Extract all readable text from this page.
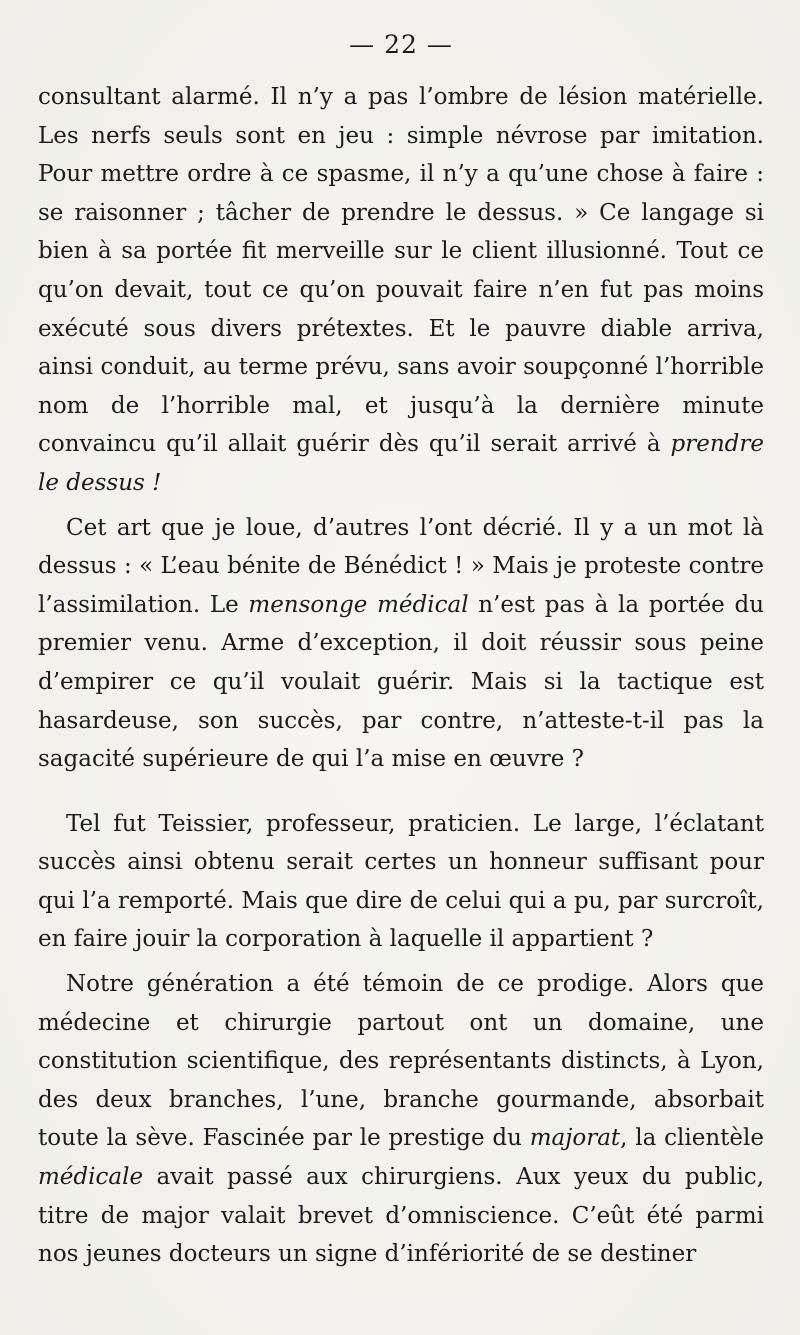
— 22 —

consultant alarmé. Il n’y a pas l’ombre de lésion matérielle. Les nerfs seuls sont en jeu : simple névrose par imitation. Pour mettre ordre à ce spasme, il n’y a qu’une chose à faire : se raisonner ; tâcher de prendre le dessus. » Ce langage si bien à sa portée fit merveille sur le client illusionné. Tout ce qu’on devait, tout ce qu’on pouvait faire n’en fut pas moins exécuté sous divers prétextes. Et le pauvre diable arriva, ainsi conduit, au terme prévu, sans avoir soupçonné l’horrible nom de l’horrible mal, et jusqu’à la dernière minute convaincu qu’il allait guérir dès qu’il serait arrivé à prendre le dessus !

Cet art que je loue, d’autres l’ont décrié. Il y a un mot là dessus : « L’eau bénite de Bénédict ! » Mais je proteste contre l’assimilation. Le mensonge médical n’est pas à la portée du premier venu. Arme d’exception, il doit réussir sous peine d’empirer ce qu’il voulait guérir. Mais si la tactique est hasardeuse, son succès, par contre, n’atteste-t-il pas la sagacité supérieure de qui l’a mise en œuvre ?

Tel fut Teissier, professeur, praticien. Le large, l’éclatant succès ainsi obtenu serait certes un honneur suffisant pour qui l’a remporté. Mais que dire de celui qui a pu, par surcroît, en faire jouir la corporation à laquelle il appartient ?

Notre génération a été témoin de ce prodige. Alors que médecine et chirurgie partout ont un domaine, une constitution scientifique, des représentants distincts, à Lyon, des deux branches, l’une, branche gourmande, absorbait toute la sève. Fascinée par le prestige du majorat, la clientèle médicale avait passé aux chirurgiens. Aux yeux du public, titre de major valait brevet d’omniscience. C’eût été parmi nos jeunes docteurs un signe d’infériorité de se destiner
